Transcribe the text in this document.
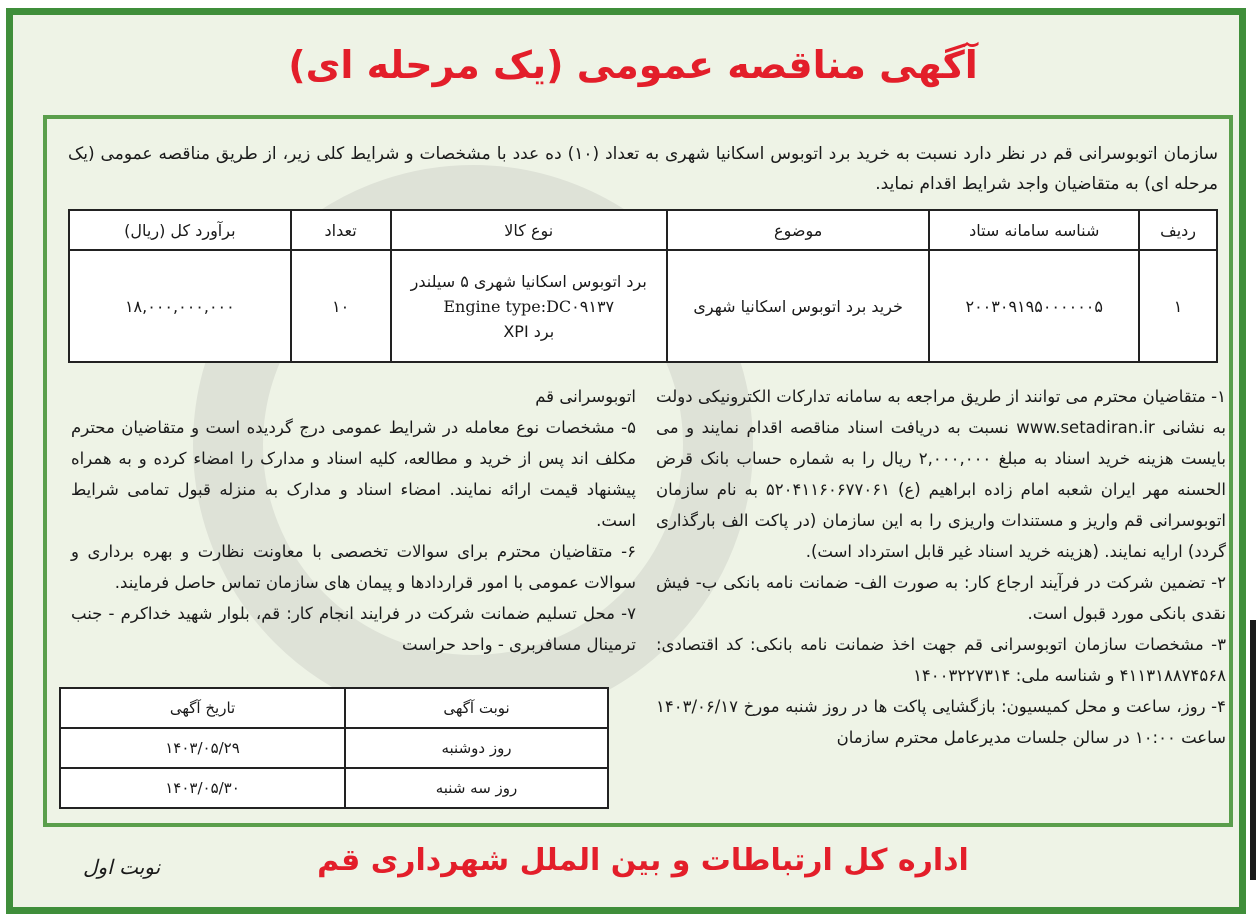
آگهی مناقصه عمومی (یک مرحله ای)
سازمان اتوبوسرانی قم در نظر دارد نسبت به خرید برد اتوبوس اسکانیا شهری به تعداد (۱۰) ده عدد با مشخصات و شرایط کلی زیر، از طریق مناقصه عمومی (یک مرحله ای) به متقاضیان واجد شرایط اقدام نماید.
ردیف	شناسه سامانه ستاد	موضوع	نوع کالا	تعداد	برآورد کل (ریال)
۱	۲۰۰۳۰۹۱۹۵۰۰۰۰۰۰۵	خرید برد اتوبوس اسکانیا شهری	برد اتوبوس اسکانیا شهری ۵ سیلندر
Engine type:DC۰۹۱۳۷
برد XPI	۱۰	۱۸,۰۰۰,۰۰۰,۰۰۰
۱- متقاضیان محترم می توانند از طریق مراجعه به سامانه تدارکات الکترونیکی دولت به نشانی www.setadiran.ir نسبت به دریافت اسناد مناقصه اقدام نمایند و می بایست هزینه خرید اسناد به مبلغ ۲,۰۰۰,۰۰۰ ریال را به شماره حساب بانک قرض الحسنه مهر ایران شعبه امام زاده ابراهیم (ع) ۵۲۰۴۱۱۶۰۶۷۷۰۶۱ به نام سازمان اتوبوسرانی قم واریز و مستندات واریزی را به این سازمان (در پاکت الف بارگذاری گردد) ارایه نمایند. (هزینه خرید اسناد غیر قابل استرداد است).
۲- تضمین شرکت در فرآیند ارجاع کار: به صورت الف- ضمانت نامه بانکی ب- فیش نقدی بانکی مورد قبول است.
۳- مشخصات سازمان اتوبوسرانی قم جهت اخذ ضمانت نامه بانکی: کد اقتصادی: ۴۱۱۳۱۸۸۷۴۵۶۸ و شناسه ملی: ۱۴۰۰۳۲۲۷۳۱۴
۴- روز، ساعت و محل کمیسیون: بازگشایی پاکت ها در روز شنبه مورخ ۱۴۰۳/۰۶/۱۷ ساعت ۱۰:۰۰ در سالن جلسات مدیرعامل محترم سازمان
اتوبوسرانی قم
۵- مشخصات نوع معامله در شرایط عمومی درج گردیده است و متقاضیان محترم مکلف اند پس از خرید و مطالعه، کلیه اسناد و مدارک را امضاء کرده و به همراه پیشنهاد قیمت ارائه نمایند. امضاء اسناد و مدارک به منزله قبول تمامی شرایط است.
۶- متقاضیان محترم برای سوالات تخصصی با معاونت نظارت و بهره برداری و سوالات عمومی با امور قراردادها و پیمان های سازمان تماس حاصل فرمایند.
۷- محل تسلیم ضمانت شرکت در فرایند انجام کار: قم، بلوار شهید خداکرم - جنب ترمینال مسافربری - واحد حراست
نوبت آگهی	تاریخ آگهی
روز دوشنبه	۱۴۰۳/۰۵/۲۹
روز سه شنبه	۱۴۰۳/۰۵/۳۰
اداره کل ارتباطات و بین الملل شهرداری قم
نوبت اول
